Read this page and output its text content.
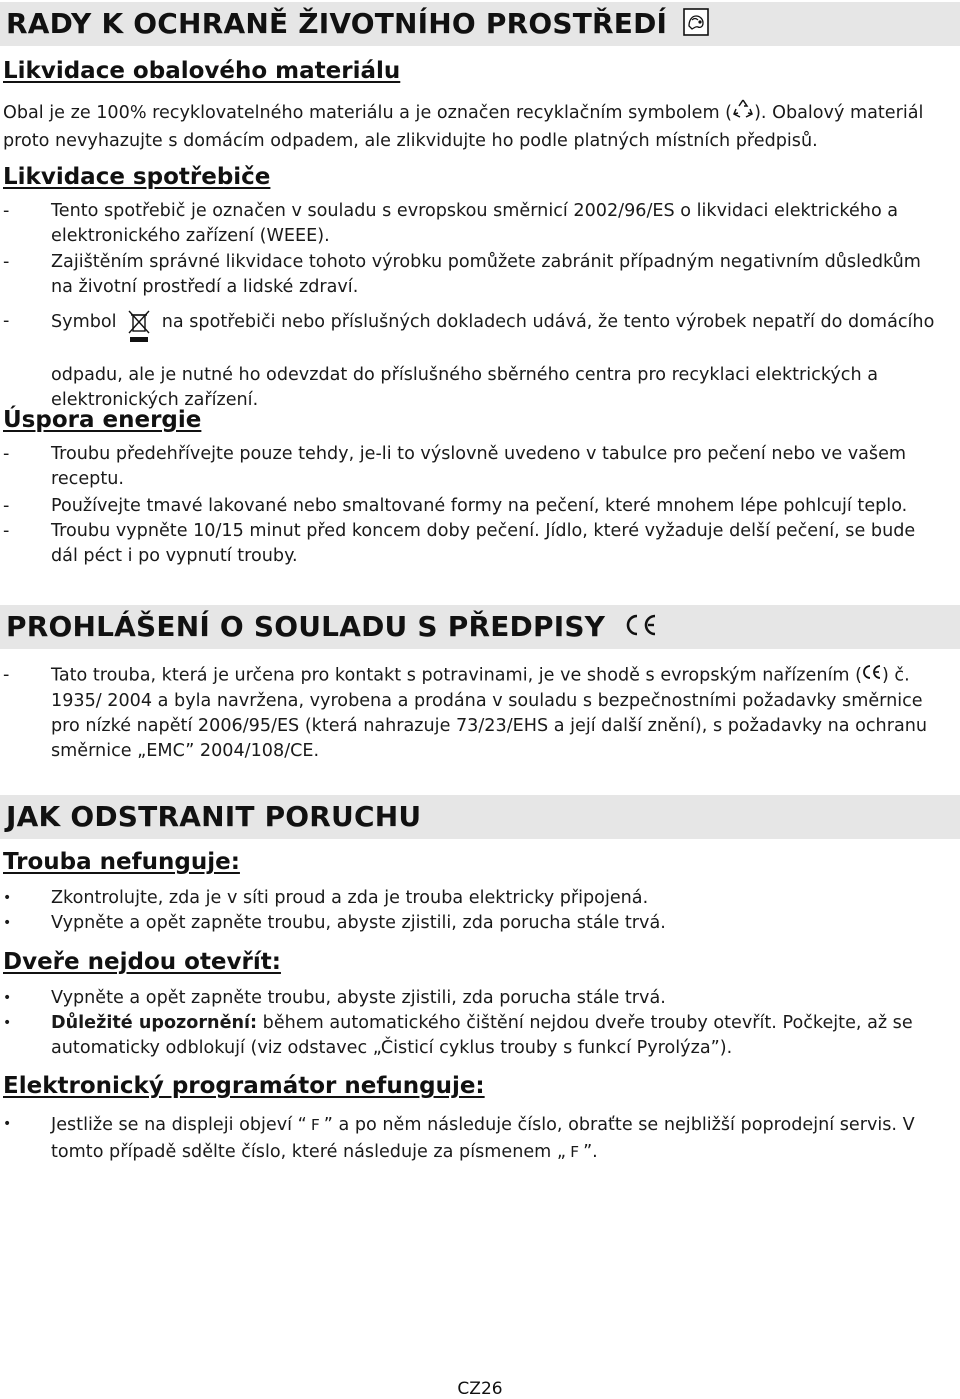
RADY K OCHRANĚ ŽIVOTNÍHO PROSTŘEDÍ
Likvidace obalového materiálu
Obal je ze 100% recyklovatelného materiálu a je označen recyklačním symbolem ( ). Obalový materiál proto nevyhazujte s domácím odpadem, ale zlikvidujte ho podle platných místních předpisů.
Likvidace spotřebiče
-	Tento spotřebič je označen v souladu s evropskou směrnicí 2002/96/ES o likvidaci elektrického a elektronického zařízení (WEEE).
-	Zajištěním správné likvidace tohoto výrobku pomůžete zabránit případným negativním důsledkům na životní prostředí a lidské zdraví.
-	Symbol	na spotřebiči nebo příslušných dokladech udává, že tento výrobek nepatří do domácího
odpadu, ale je nutné ho odevzdat do příslušného sběrného centra pro recyklaci elektrických a elektronických zařízení.
Úspora energie
-	Troubu předehřívejte pouze tehdy, je-li to výslovně uvedeno v tabulce pro pečení nebo ve vašem receptu.
-	Používejte tmavé lakované nebo smaltované formy na pečení, které mnohem lépe pohlcují teplo.
-	Troubu vypněte 10/15 minut před koncem doby pečení. Jídlo, které vyžaduje delší pečení, se bude dál péct i po vypnutí trouby.
PROHLÁŠENÍ O SOULADU S PŘEDPISY
-	Tato trouba, která je určena pro kontakt s potravinami, je ve shodě s evropským nařízením ( ) č. 1935/ 2004 a byla navržena, vyrobena a prodána v souladu s bezpečnostními požadavky směrnice pro nízké napětí 2006/95/ES (která nahrazuje 73/23/EHS a její další znění), s požadavky na ochranu směrnice „EMC” 2004/108/CE.
JAK ODSTRANIT PORUCHU
Trouba nefunguje:
•	Zkontrolujte, zda je v síti proud a zda je trouba elektricky připojená.
•	Vypněte a opět zapněte troubu, abyste zjistili, zda porucha stále trvá.
Dveře nejdou otevřít:
•	Vypněte a opět zapněte troubu, abyste zjistili, zda porucha stále trvá.
•	Důležité upozornění: během automatického čištění nejdou dveře trouby otevřít. Počkejte, až se automaticky odblokují (viz odstavec „Čisticí cyklus trouby s funkcí Pyrolýza”).
Elektronický programátor nefunguje:
•	Jestliže se na displeji objeví “ F ” a po něm následuje číslo, obraťte se nejbližší poprodejní servis. V tomto případě sdělte číslo, které následuje za písmenem „ F ”.
CZ26
